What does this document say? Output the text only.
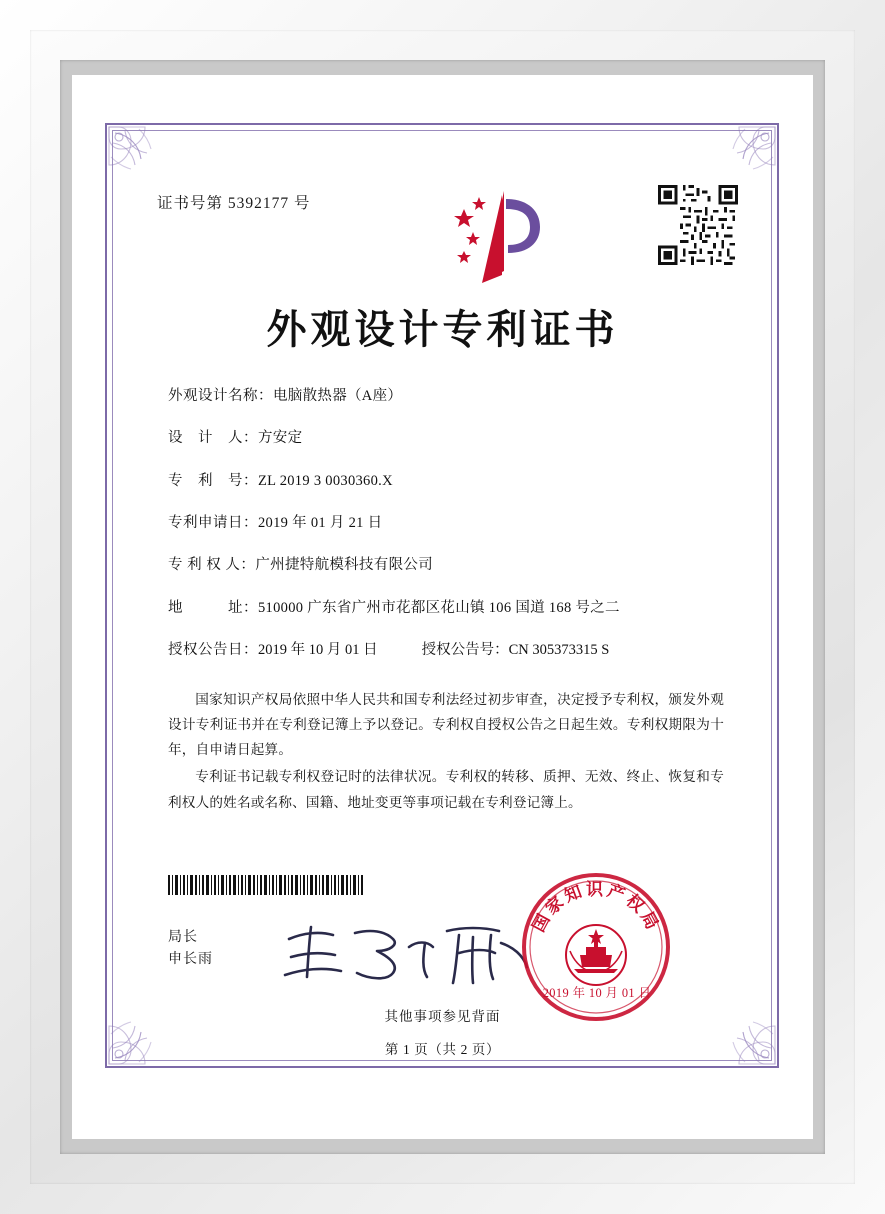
证书号第 5392177 号
外观设计专利证书
外观设计名称： 电脑散热器（A座）
设　计　人： 方安定
专　利　号： ZL 2019 3 0030360.X
专利申请日： 2019 年 01 月 21 日
专 利 权 人： 广州捷特航模科技有限公司
地　　　址： 510000 广东省广州市花都区花山镇 106 国道 168 号之二
授权公告日： 2019 年 10 月 01 日	授权公告号： CN 305373315 S

国家知识产权局依照中华人民共和国专利法经过初步审查，决定授予专利权，颁发外观设计专利证书并在专利登记簿上予以登记。专利权自授权公告之日起生效。专利权期限为十年，自申请日起算。

专利证书记载专利权登记时的法律状况。专利权的转移、质押、无效、终止、恢复和专利权人的姓名或名称、国籍、地址变更等事项记载在专利登记簿上。

局长
申长雨
国家知识产权局
2019 年 10 月 01 日
第 1 页（共 2 页）
其他事项参见背面
